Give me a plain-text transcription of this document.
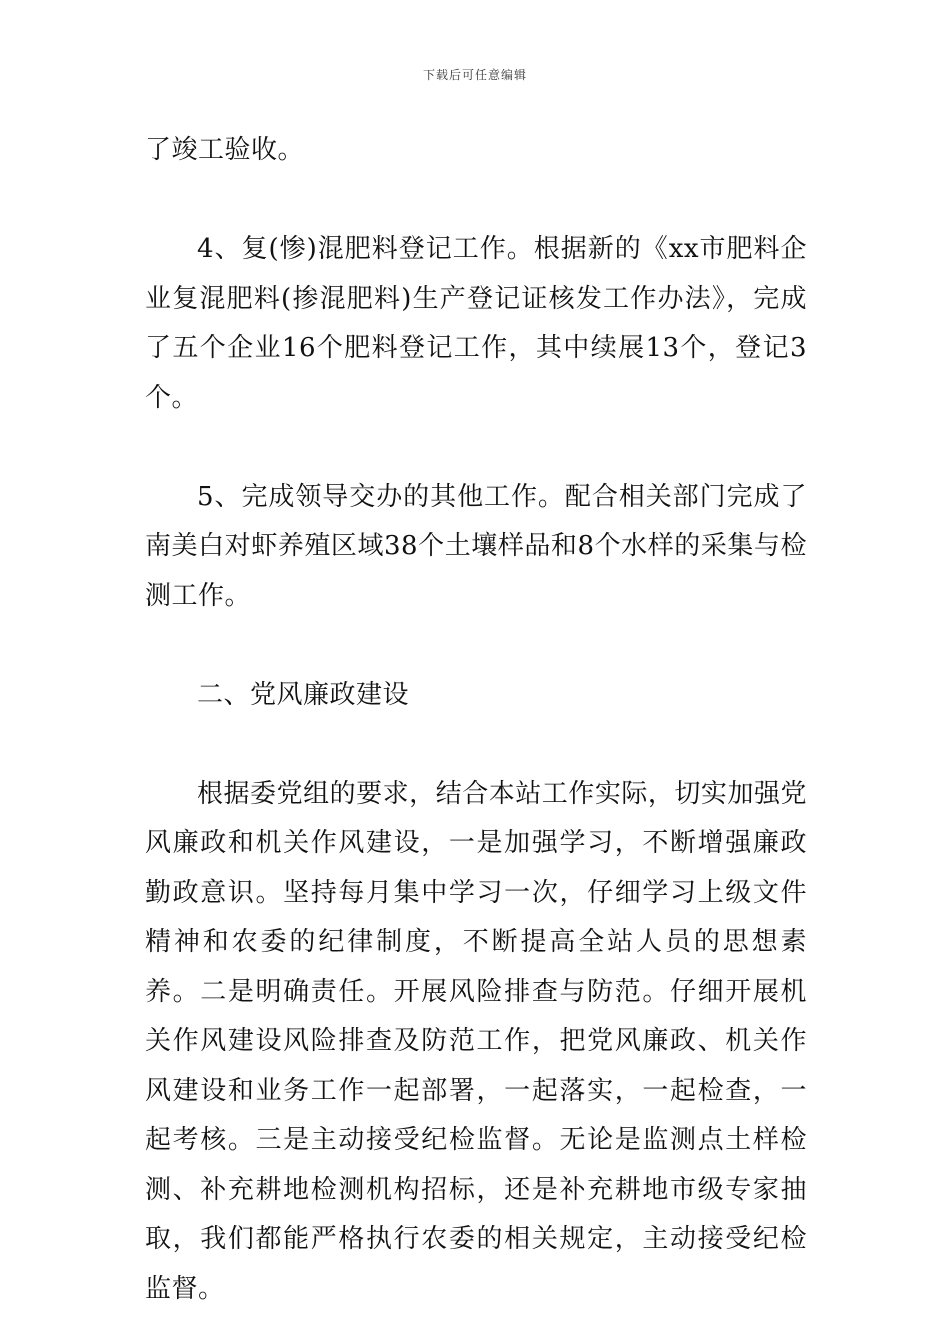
下载后可任意编辑

了竣工验收。

4、复(惨)混肥料登记工作。根据新的《xx市肥料企业复混肥料(掺混肥料)生产登记证核发工作办法》，完成了五个企业16个肥料登记工作，其中续展13个，登记3个。

5、完成领导交办的其他工作。配合相关部门完成了南美白对虾养殖区域38个土壤样品和8个水样的采集与检测工作。

二、党风廉政建设

根据委党组的要求，结合本站工作实际，切实加强党风廉政和机关作风建设，一是加强学习，不断增强廉政勤政意识。坚持每月集中学习一次，仔细学习上级文件精神和农委的纪律制度，不断提高全站人员的思想素养。二是明确责任。开展风险排查与防范。仔细开展机关作风建设风险排查及防范工作，把党风廉政、机关作风建设和业务工作一起部署，一起落实，一起检查，一起考核。三是主动接受纪检监督。无论是监测点土样检测、补充耕地检测机构招标，还是补充耕地市级专家抽取，我们都能严格执行农委的相关规定，主动接受纪检监督。
